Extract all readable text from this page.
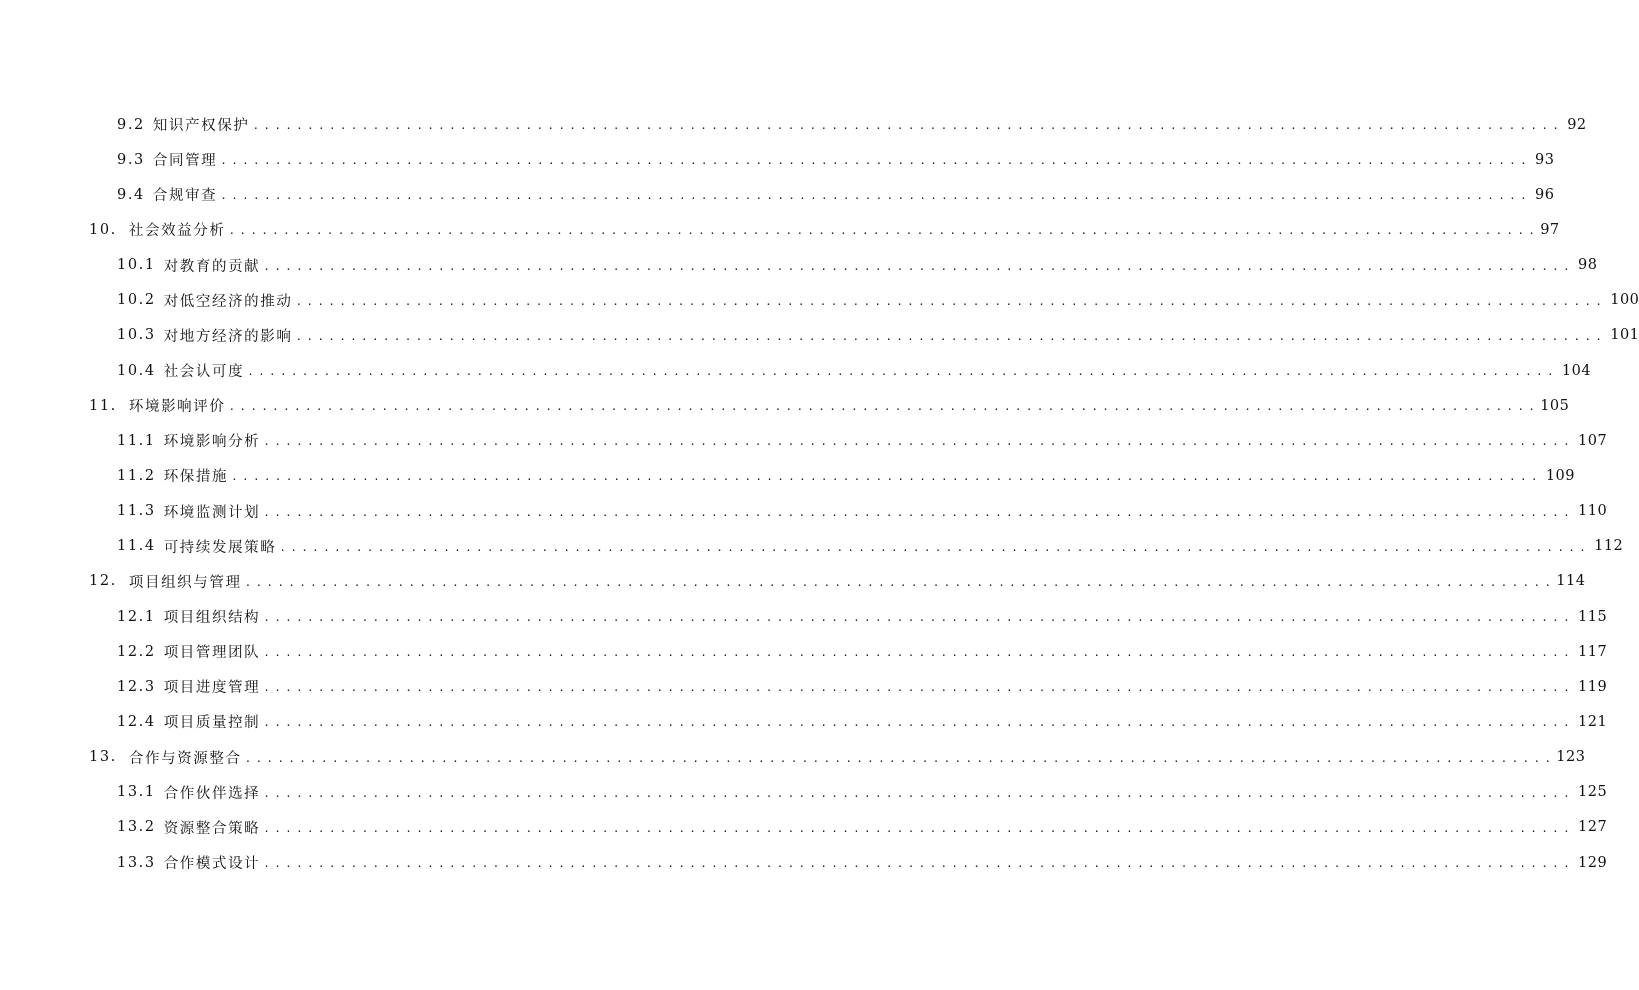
9.2 知识产权保护 ........................................................................................................................ 92
9.3 合同管理 ........................................................................................................................ 93
9.4 合规审查 ........................................................................................................................ 96
10. 社会效益分析 ........................................................................................................................ 97
10.1 对教育的贡献 ........................................................................................................................ 98
10.2 对低空经济的推动 ........................................................................................................................ 100
10.3 对地方经济的影响 ........................................................................................................................ 101
10.4 社会认可度 ........................................................................................................................ 104
11. 环境影响评价 ........................................................................................................................ 105
11.1 环境影响分析 ........................................................................................................................ 107
11.2 环保措施 ........................................................................................................................ 109
11.3 环境监测计划 ........................................................................................................................ 110
11.4 可持续发展策略 ........................................................................................................................ 112
12. 项目组织与管理 ........................................................................................................................ 114
12.1 项目组织结构 ........................................................................................................................ 115
12.2 项目管理团队 ........................................................................................................................ 117
12.3 项目进度管理 ........................................................................................................................ 119
12.4 项目质量控制 ........................................................................................................................ 121
13. 合作与资源整合 ........................................................................................................................ 123
13.1 合作伙伴选择 ........................................................................................................................ 125
13.2 资源整合策略 ........................................................................................................................ 127
13.3 合作模式设计 ........................................................................................................................ 129
